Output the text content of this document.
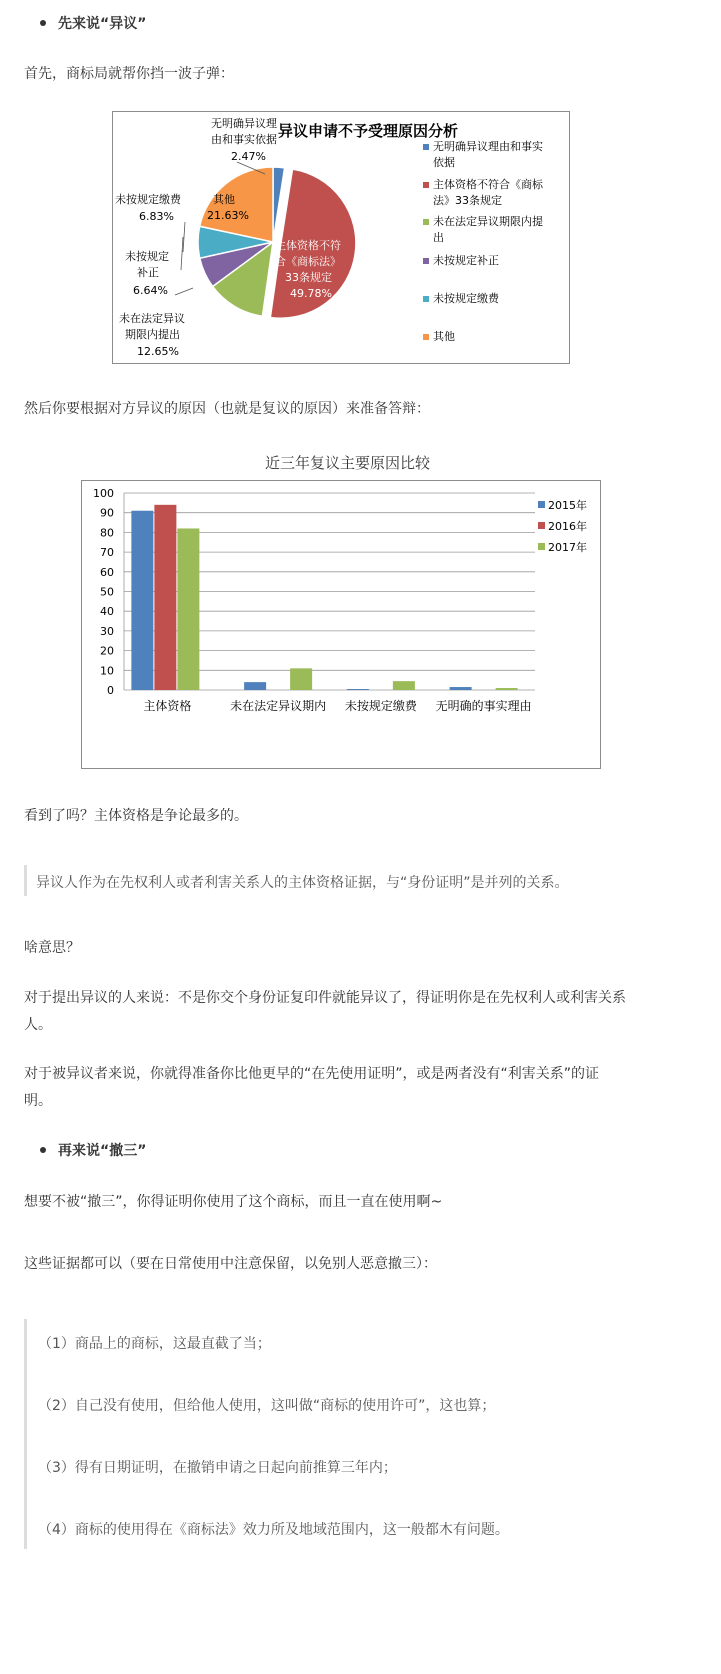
先来说“异议”
首先，商标局就帮你挡一波子弹：
异议申请不予受理原因分析
无明确异议理
由和事实依据
2.47%
主体资格不符
合《商标法》
33条规定
49.78%
未在法定异议
期限内提出
12.65%
未按规定
补正
6.64%
未按规定缴费
6.83%
其他
21.63%
无明确异议理由和事实
依据
主体资格不符合《商标
法》33条规定
未在法定异议期限内提
出
未按规定补正
未按规定缴费
其他
然后你要根据对方异议的原因（也就是复议的原因）来准备答辩：
近三年复议主要原因比较
0
10
20
30
40
50
60
70
80
90
100
主体资格	未在法定异议期内 未按规定缴费 无明确的事实理由
2015年
2016年
2017年
看到了吗？主体资格是争论最多的。
异议人作为在先权利人或者利害关系人的主体资格证据，与“身份证明”是并列的关系。
啥意思？
对于提出异议的人来说：不是你交个身份证复印件就能异议了，得证明你是在先权利人或利害关系
人。
对于被异议者来说，你就得准备你比他更早的“在先使用证明”，或是两者没有“利害关系”的证
明。
再来说“撤三”
想要不被“撤三”，你得证明你使用了这个商标，而且一直在使用啊~
这些证据都可以（要在日常使用中注意保留，以免别人恶意撤三）：
（1）商品上的商标，这最直截了当；
（2）自己没有使用，但给他人使用，这叫做“商标的使用许可”，这也算；
（3）得有日期证明，在撤销申请之日起向前推算三年内；
（4）商标的使用得在《商标法》效力所及地域范围内，这一般都木有问题。
